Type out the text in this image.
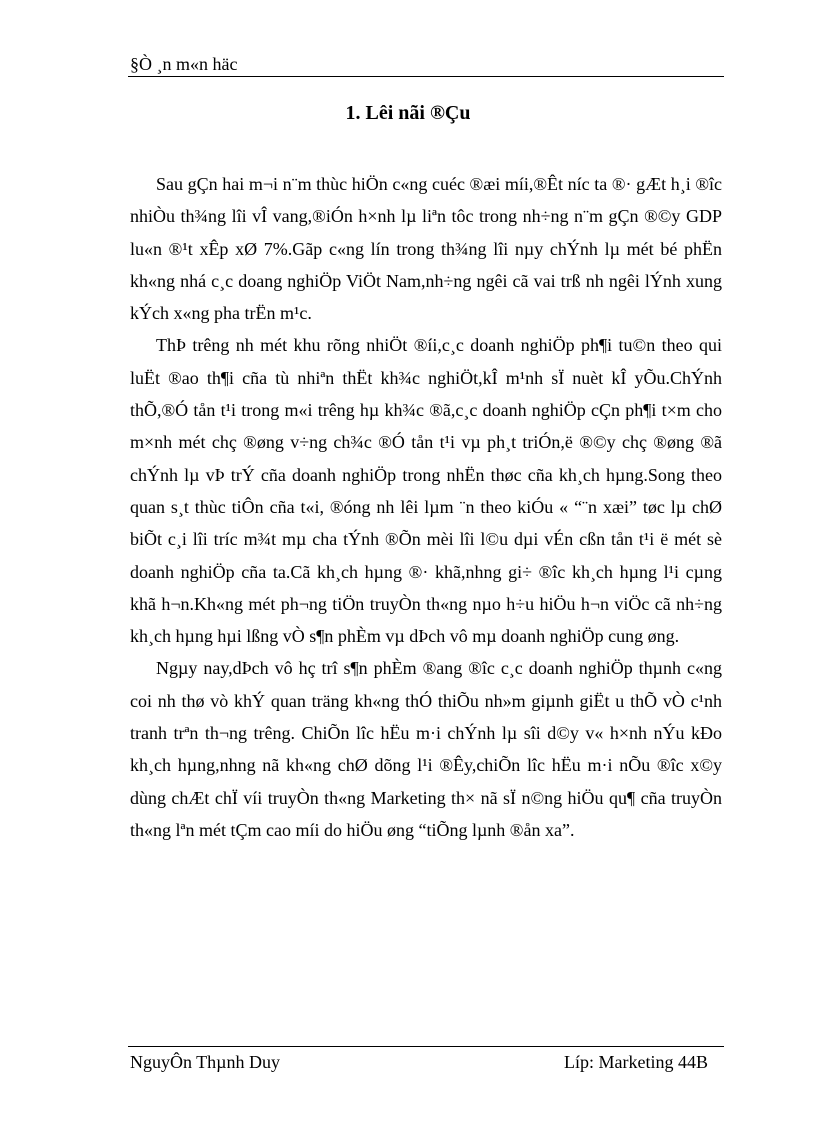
§Ò ¸n m«n häc
1. Lêi nãi ®Çu

Sau gÇn hai m¬i n¨m thùc hiÖn c«ng cuéc ®æi míi,®Êt níc ta ®· gÆt h¸i ®îc nhiÒu th¾ng lîi vÎ vang,®iÓn h×nh lµ liªn tôc trong nh÷ng n¨m gÇn ®©y GDP lu«n ®¹t xÊp xØ 7%.Gãp c«ng lín trong th¾ng lîi nµy chÝnh lµ mét bé phËn kh«ng nhá c¸c doang nghiÖp ViÖt Nam,nh÷ng ngêi cã vai trß nh ngêi lÝnh xung kÝch x«ng pha trËn m¹c.

ThÞ trêng nh mét khu rõng nhiÖt ®íi,c¸c doanh nghiÖp ph¶i tu©n theo qui luËt ®ao th¶i cña tù nhiªn thËt kh¾c nghiÖt,kÎ m¹nh sÏ nuèt kÎ yÕu.ChÝnh thÕ,®Ó tån t¹i trong m«i trêng hµ kh¾c ®ã,c¸c doanh nghiÖp cÇn ph¶i t×m cho m×nh mét chç ®øng v÷ng ch¾c ®Ó tån t¹i vµ ph¸t triÓn,ë ®©y chç ®øng ®ã chÝnh lµ vÞ trÝ cña doanh nghiÖp trong nhËn thøc cña kh¸ch hµng.Song theo quan s¸t thùc tiÔn cña t«i, ®óng nh lêi lµm ¨n theo kiÓu « “¨n xæi” tøc lµ chØ biÕt c¸i lîi tríc m¾t mµ cha tÝnh ®Õn mèi lîi l©u dµi vÉn cßn tån t¹i ë mét sè doanh nghiÖp cña ta.Cã kh¸ch hµng ®· khã,nhng gi÷ ®îc kh¸ch hµng l¹i cµng khã h¬n.Kh«ng mét ph¬ng tiÖn truyÒn th«ng nµo h÷u hiÖu h¬n viÖc cã nh÷ng kh¸ch hµng hµi lßng vÒ s¶n phÈm vµ dÞch vô mµ doanh nghiÖp cung øng.

Ngµy nay,dÞch vô hç trî s¶n phÈm ®ang ®îc c¸c doanh nghiÖp thµnh c«ng coi nh thø vò khÝ quan träng kh«ng thÓ thiÕu nh»m giµnh giËt u thÕ vÒ c¹nh tranh trªn th¬ng trêng. ChiÕn lîc hËu m·i chÝnh lµ sîi d©y v« h×nh nÝu kÐo kh¸ch hµng,nhng nã kh«ng chØ dõng l¹i ®Êy,chiÕn lîc hËu m·i nÕu ®îc x©y dùng chÆt chÏ víi truyÒn th«ng Marketing th× nã sÏ n©ng hiÖu qu¶ cña truyÒn th«ng lªn mét tÇm cao míi do hiÖu øng “tiÕng lµnh ®ån xa”.

NguyÔn Thµnh Duy	Líp: Marketing 44B
